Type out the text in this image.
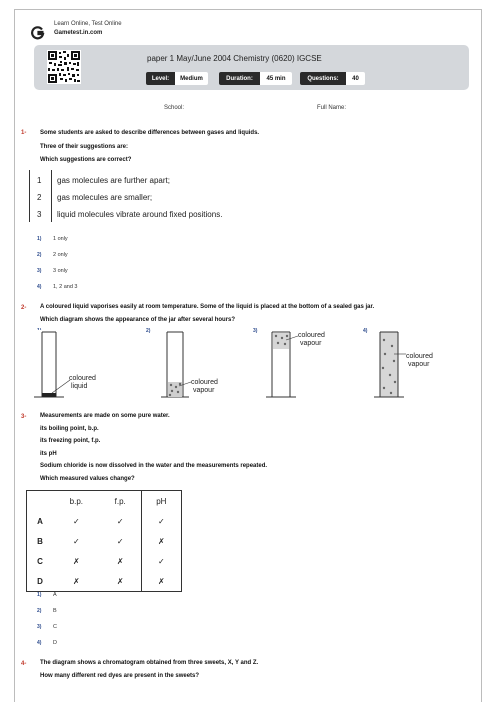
Learn Online, Test Online
Gametest.in.com
paper 1 May/June 2004 Chemistry (0620) IGCSE
Level:	Medium	Duration:	45 min	Questions:	40
School:	Full Name:
1- Some students are asked to describe differences between gases and liquids.
Three of their suggestions are:
Which suggestions are correct?
1 gas molecules are further apart;
2 gas molecules are smaller;
3 liquid molecules vibrate around fixed positions.
1) 1 only
2) 2 only
3) 3 only
4) 1, 2 and 3
2- A coloured liquid vaporises easily at room temperature. Some of the liquid is placed at the bottom of a sealed gas jar.
Which diagram shows the appearance of the jar after several hours?
coloured
liquid
2)
coloured
vapour
3)
coloured
vapour
4)
coloured
vapour
3- Measurements are made on some pure water.
its boiling point, b.p.
its freezing point, f.p.
its pH
Sodium chloride is now dissolved in the water and the measurements repeated.
Which measured values change?
	b.p.	f.p.	pH
A	✓	✓	✓
B	✓	✓	✗
C	✗	✗	✓
D	✗	✗	✗
1) A
2) B
3) C
4) D
4- The diagram shows a chromatogram obtained from three sweets, X, Y and Z.
How many different red dyes are present in the sweets?
